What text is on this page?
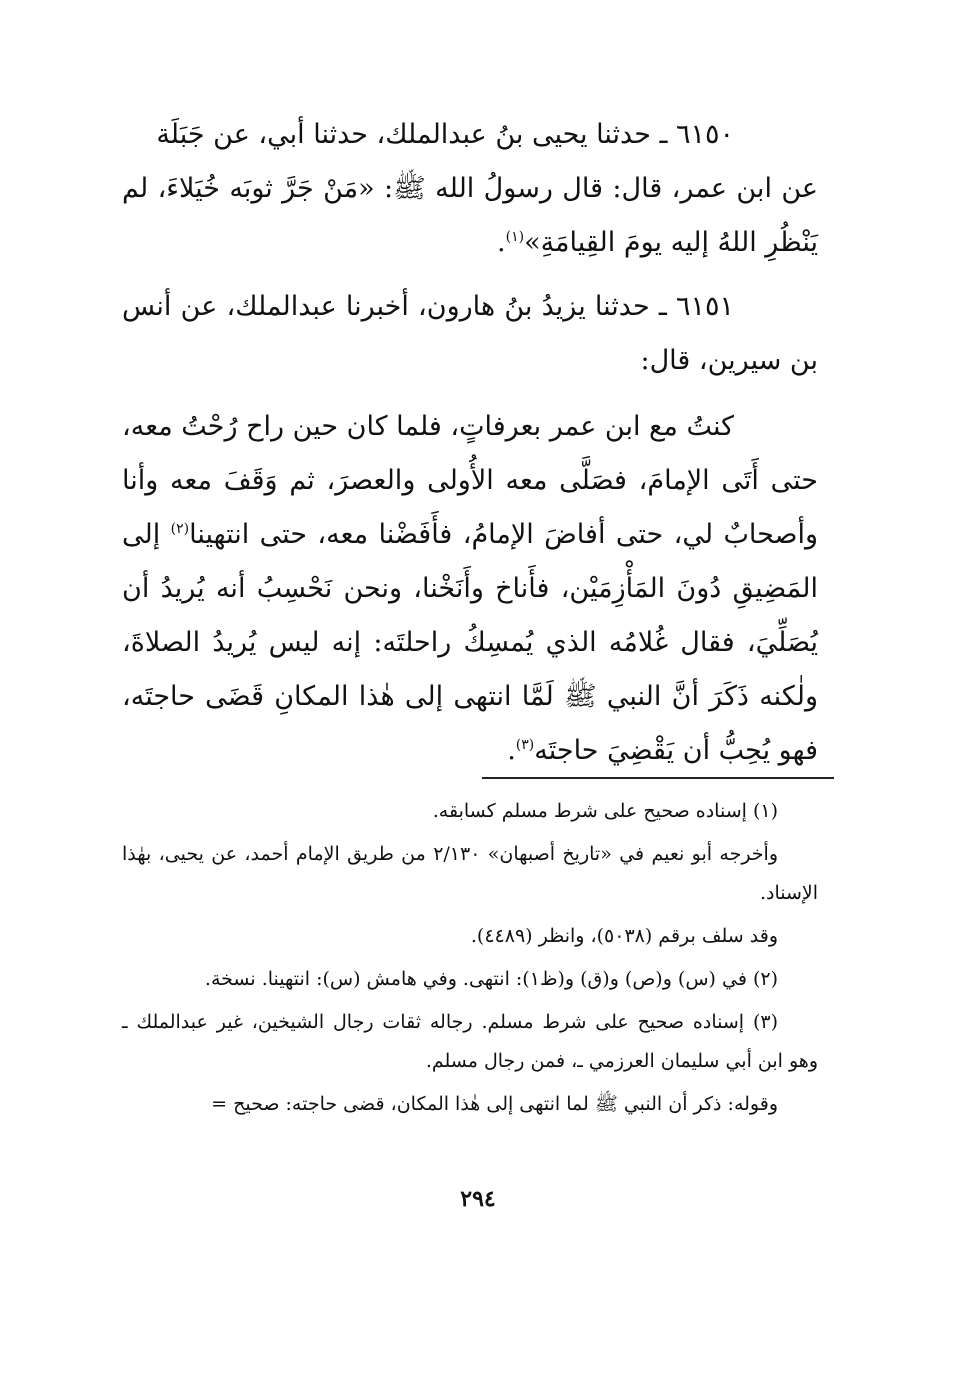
٦١٥٠ ـ حدثنا يحيى بنُ عبدالملك، حدثنا أبي، عن جَبَلَة

عن ابن عمر، قال: قال رسولُ الله ﷺ: «مَنْ جَرَّ ثوبَه خُيَلاءَ، لم يَنْظُرِ اللهُ إليه يومَ القِيامَةِ»$^{(١)}$.

٦١٥١ ـ حدثنا يزيدُ بنُ هارون، أخبرنا عبدالملك، عن أنس بن سيرين، قال:

كنتُ مع ابن عمر بعرفاتٍ، فلما كان حين راح رُحْتُ معه، حتى أَتَى الإمامَ، فصَلَّى معه الأُولى والعصرَ، ثم وَقَفَ معه وأنا وأصحابٌ لي، حتى أفاضَ الإمامُ، فأَفَضْنا معه، حتى انتهينا$^{(٢)}$ إلى المَضِيقِ دُونَ المَأْزِمَيْن، فأَناخ وأَنَخْنا، ونحن نَحْسِبُ أنه يُريدُ أن يُصَلِّيَ، فقال غُلامُه الذي يُمسِكُ راحلتَه: إنه ليس يُريدُ الصلاةَ، ولٰكنه ذَكَرَ أنَّ النبي ﷺ لَمَّا انتهى إلى هٰذا المكانِ قَضَى حاجتَه، فهو يُحِبُّ أن يَقْضِيَ حاجتَه$^{(٣)}$.

(١) إسناده صحيح على شرط مسلم كسابقه.

وأخرجه أبو نعيم في «تاريخ أصبهان» ٢/١٣٠ من طريق الإمام أحمد، عن يحيى، بهٰذا الإسناد.

وقد سلف برقم (٥٠٣٨)، وانظر (٤٤٨٩).

(٢) في (س) و(ص) و(ق) و(ظ١): انتهى. وفي هامش (س): انتهينا. نسخة.

(٣) إسناده صحيح على شرط مسلم. رجاله ثقات رجال الشيخين، غير عبدالملك ـ وهو ابن أبي سليمان العرزمي ـ، فمن رجال مسلم.

وقوله: ذكر أن النبي ﷺ لما انتهى إلى هٰذا المكان، قضى حاجته: صحيح =

٢٩٤
